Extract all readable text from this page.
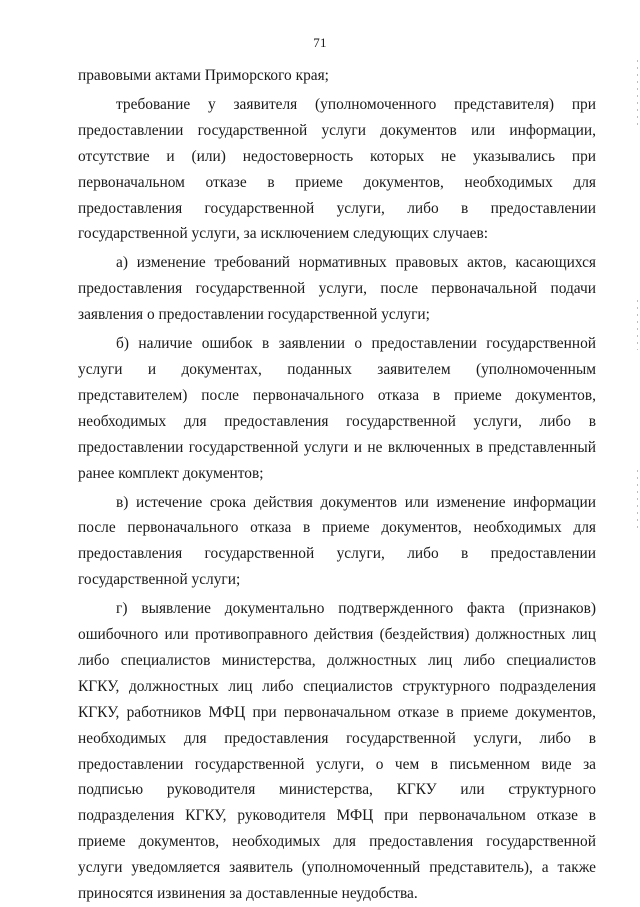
71

правовыми актами Приморского края;

требование у заявителя (уполномоченного представителя) при предоставлении государственной услуги документов или информации, отсутствие и (или) недостоверность которых не указывались при первоначальном отказе в приеме документов, необходимых для предоставления государственной услуги, либо в предоставлении государственной услуги, за исключением следующих случаев:

а) изменение требований нормативных правовых актов, касающихся предоставления государственной услуги, после первоначальной подачи заявления о предоставлении государственной услуги;

б) наличие ошибок в заявлении о предоставлении государственной услуги и документах, поданных заявителем (уполномоченным представителем) после первоначального отказа в приеме документов, необходимых для предоставления государственной услуги, либо в предоставлении государственной услуги и не включенных в представленный ранее комплект документов;

в) истечение срока действия документов или изменение информации после первоначального отказа в приеме документов, необходимых для предоставления государственной услуги, либо в предоставлении государственной услуги;

г) выявление документально подтвержденного факта (признаков) ошибочного или противоправного действия (бездействия) должностных лиц либо специалистов министерства, должностных лиц либо специалистов КГКУ, должностных лиц либо специалистов структурного подразделения КГКУ, работников МФЦ при первоначальном отказе в приеме документов, необходимых для предоставления государственной услуги, либо в предоставлении государственной услуги, о чем в письменном виде за подписью руководителя министерства, КГКУ или структурного подразделения КГКУ, руководителя МФЦ при первоначальном отказе в приеме документов, необходимых для предоставления государственной услуги уведомляется заявитель (уполномоченный представитель), а также приносятся извинения за доставленные неудобства.
